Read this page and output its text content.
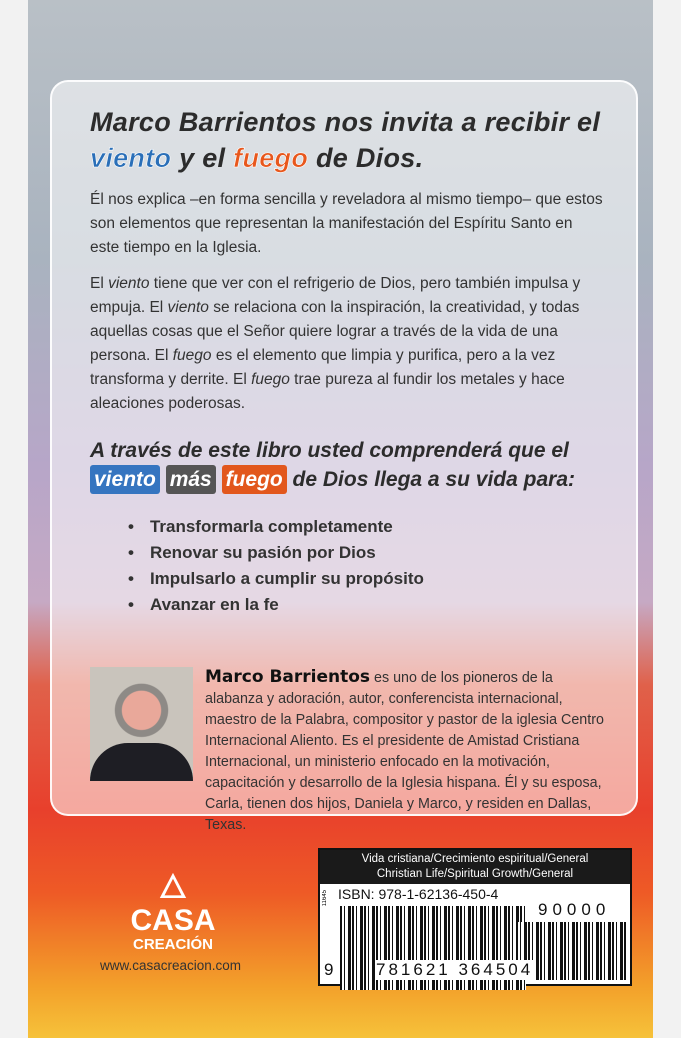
Marco Barrientos nos invita a recibir el viento y el fuego de Dios.

Él nos explica –en forma sencilla y reveladora al mismo tiempo– que estos son elementos que representan la manifestación del Espíritu Santo en este tiempo en la Iglesia.

El viento tiene que ver con el refrigerio de Dios, pero también impulsa y empuja. El viento se relaciona con la inspiración, la creatividad, y todas aquellas cosas que el Señor quiere lograr a través de la vida de una persona. El fuego es el elemento que limpia y purifica, pero a la vez transforma y derrite. El fuego trae pureza al fundir los metales y hace aleaciones poderosas.

A través de este libro usted comprenderá que el viento más fuego de Dios llega a su vida para:
• Transformarla completamente
• Renovar su pasión por Dios
• Impulsarlo a cumplir su propósito
• Avanzar en la fe

Marco Barrientos es uno de los pioneros de la alabanza y adoración, autor, conferencista internacional, maestro de la Palabra, compositor y pastor de la iglesia Centro Internacional Aliento. Es el presidente de Amistad Cristiana Internacional, un ministerio enfocado en la motivación, capacitación y desarrollo de la Iglesia hispana. Él y su esposa, Carla, tienen dos hijos, Daniela y Marco, y residen en Dallas, Texas.

🜂
CASA
CREACIÓN
www.casacreacion.com
Vida cristiana/Crecimiento espiritual/General
Christian Life/Spiritual Growth/General
11645 ISBN: 978-1-62136-450-4
90000
9	781621 364504
